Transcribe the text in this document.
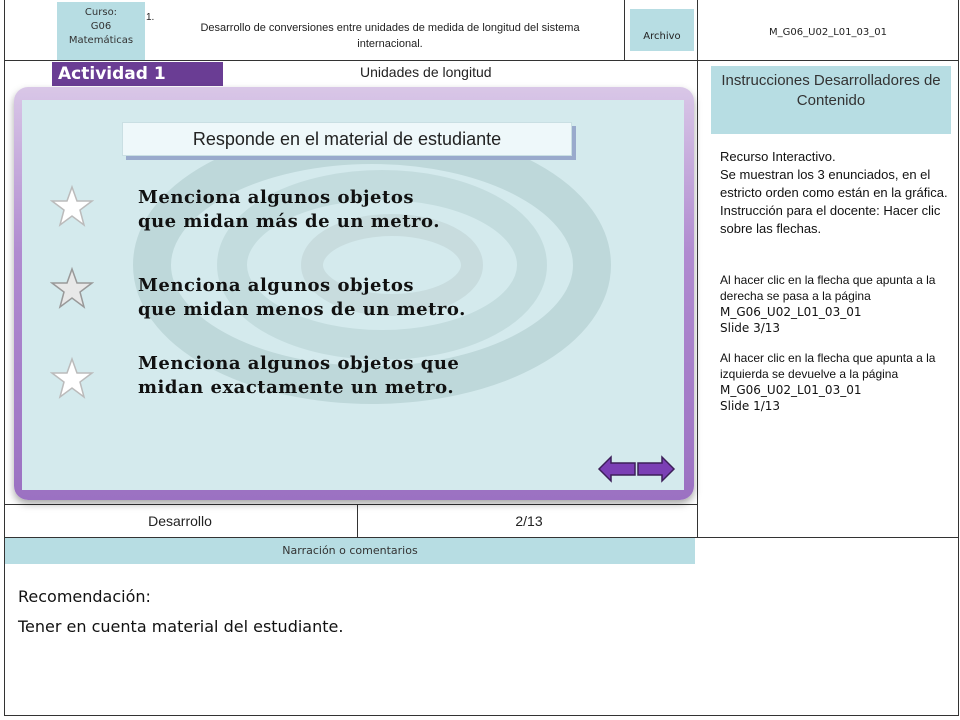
Curso:
G06
Matemáticas
1.
Desarrollo de conversiones entre unidades de medida de longitud del sistema internacional.
Archivo	M_G06_U02_L01_03_01
Actividad 1	Unidades de longitud
Responde en el material de estudiante
Menciona algunos objetos
que midan más de un metro.
Menciona algunos objetos
que midan menos de un metro.
Menciona algunos objetos que
midan exactamente un metro.
Instrucciones Desarrolladores de Contenido
Recurso Interactivo.
Se muestran los 3 enunciados, en el estricto orden como están en la gráfica.
Instrucción para el docente: Hacer clic sobre las flechas.
Al hacer clic en la flecha que apunta a la derecha se pasa a la página
M_G06_U02_L01_03_01
Slide 3/13
Al hacer clic en la flecha que apunta a la izquierda se devuelve a la página
M_G06_U02_L01_03_01
Slide 1/13
Desarrollo	2/13
Narración o comentarios
Recomendación:
Tener en cuenta material del estudiante.
